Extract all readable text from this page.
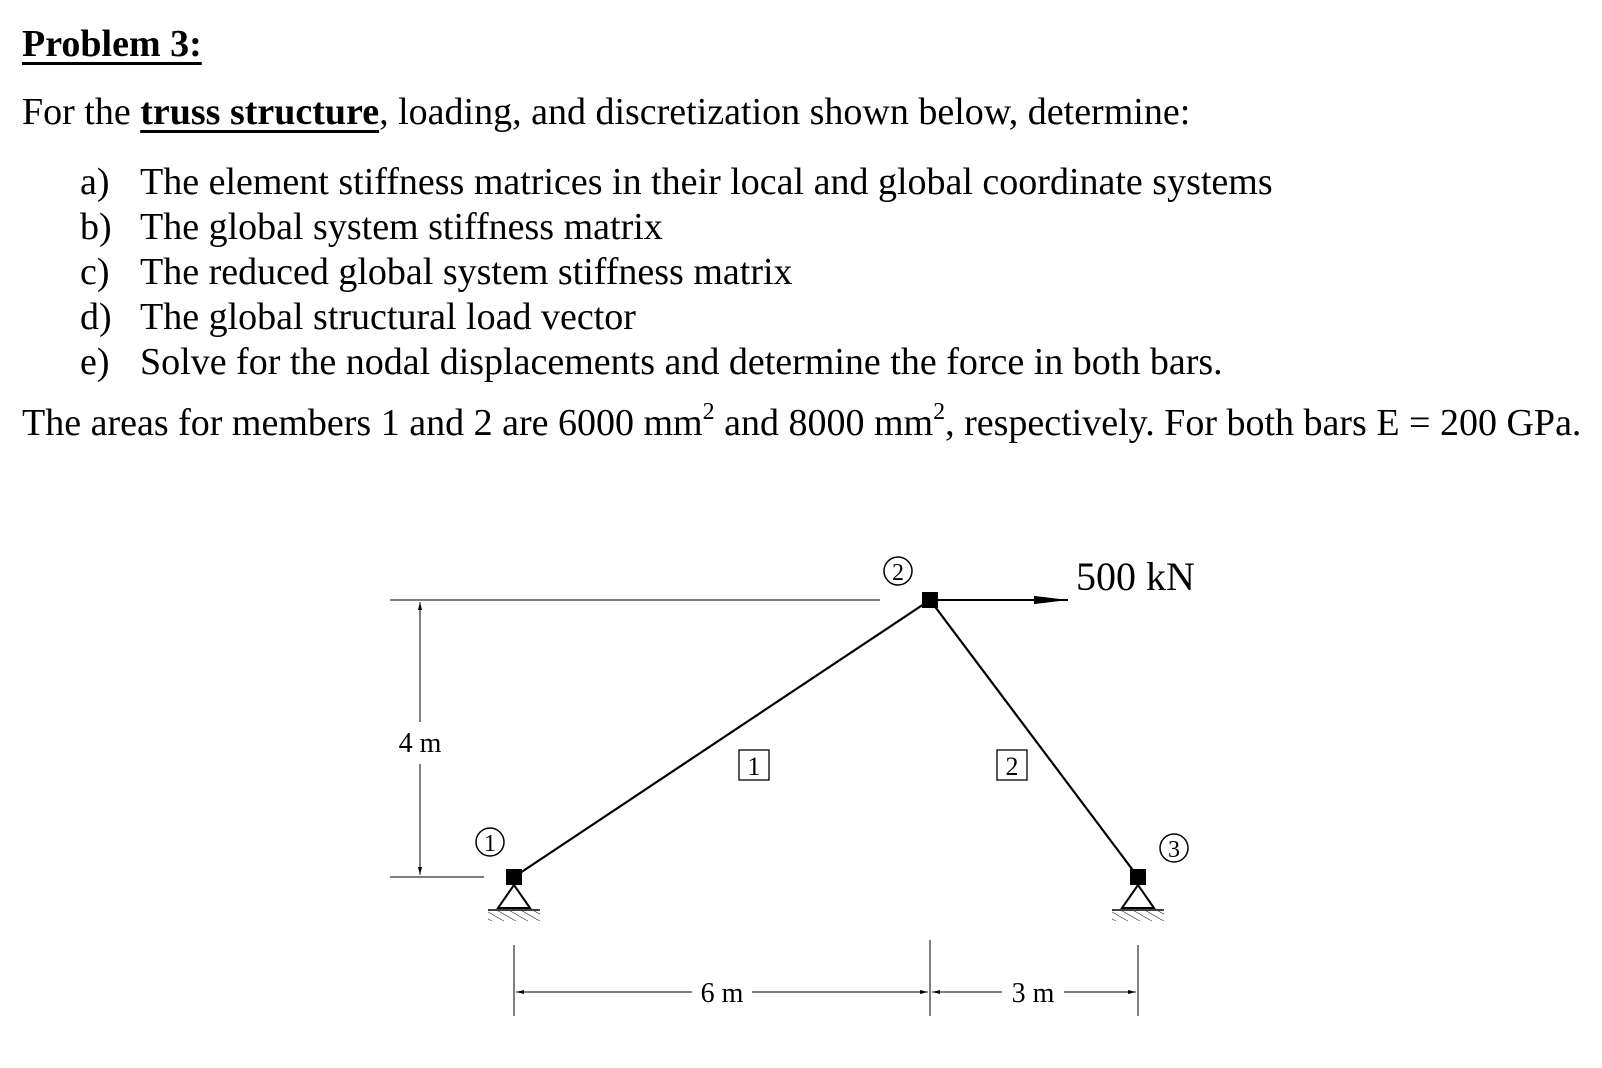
Problem 3:
For the truss structure, loading, and discretization shown below, determine:
a) The element stiffness matrices in their local and global coordinate systems
b) The global system stiffness matrix
c) The reduced global system stiffness matrix
d) The global structural load vector
e) Solve for the nodal displacements and determine the force in both bars.

The areas for members 1 and 2 are 6000 $mm^2$ and 8000 $mm^2$, respectively. For both bars E = 200 GPa.

4 m
500 kN
2
1	3
1	2
6 m	3 m
